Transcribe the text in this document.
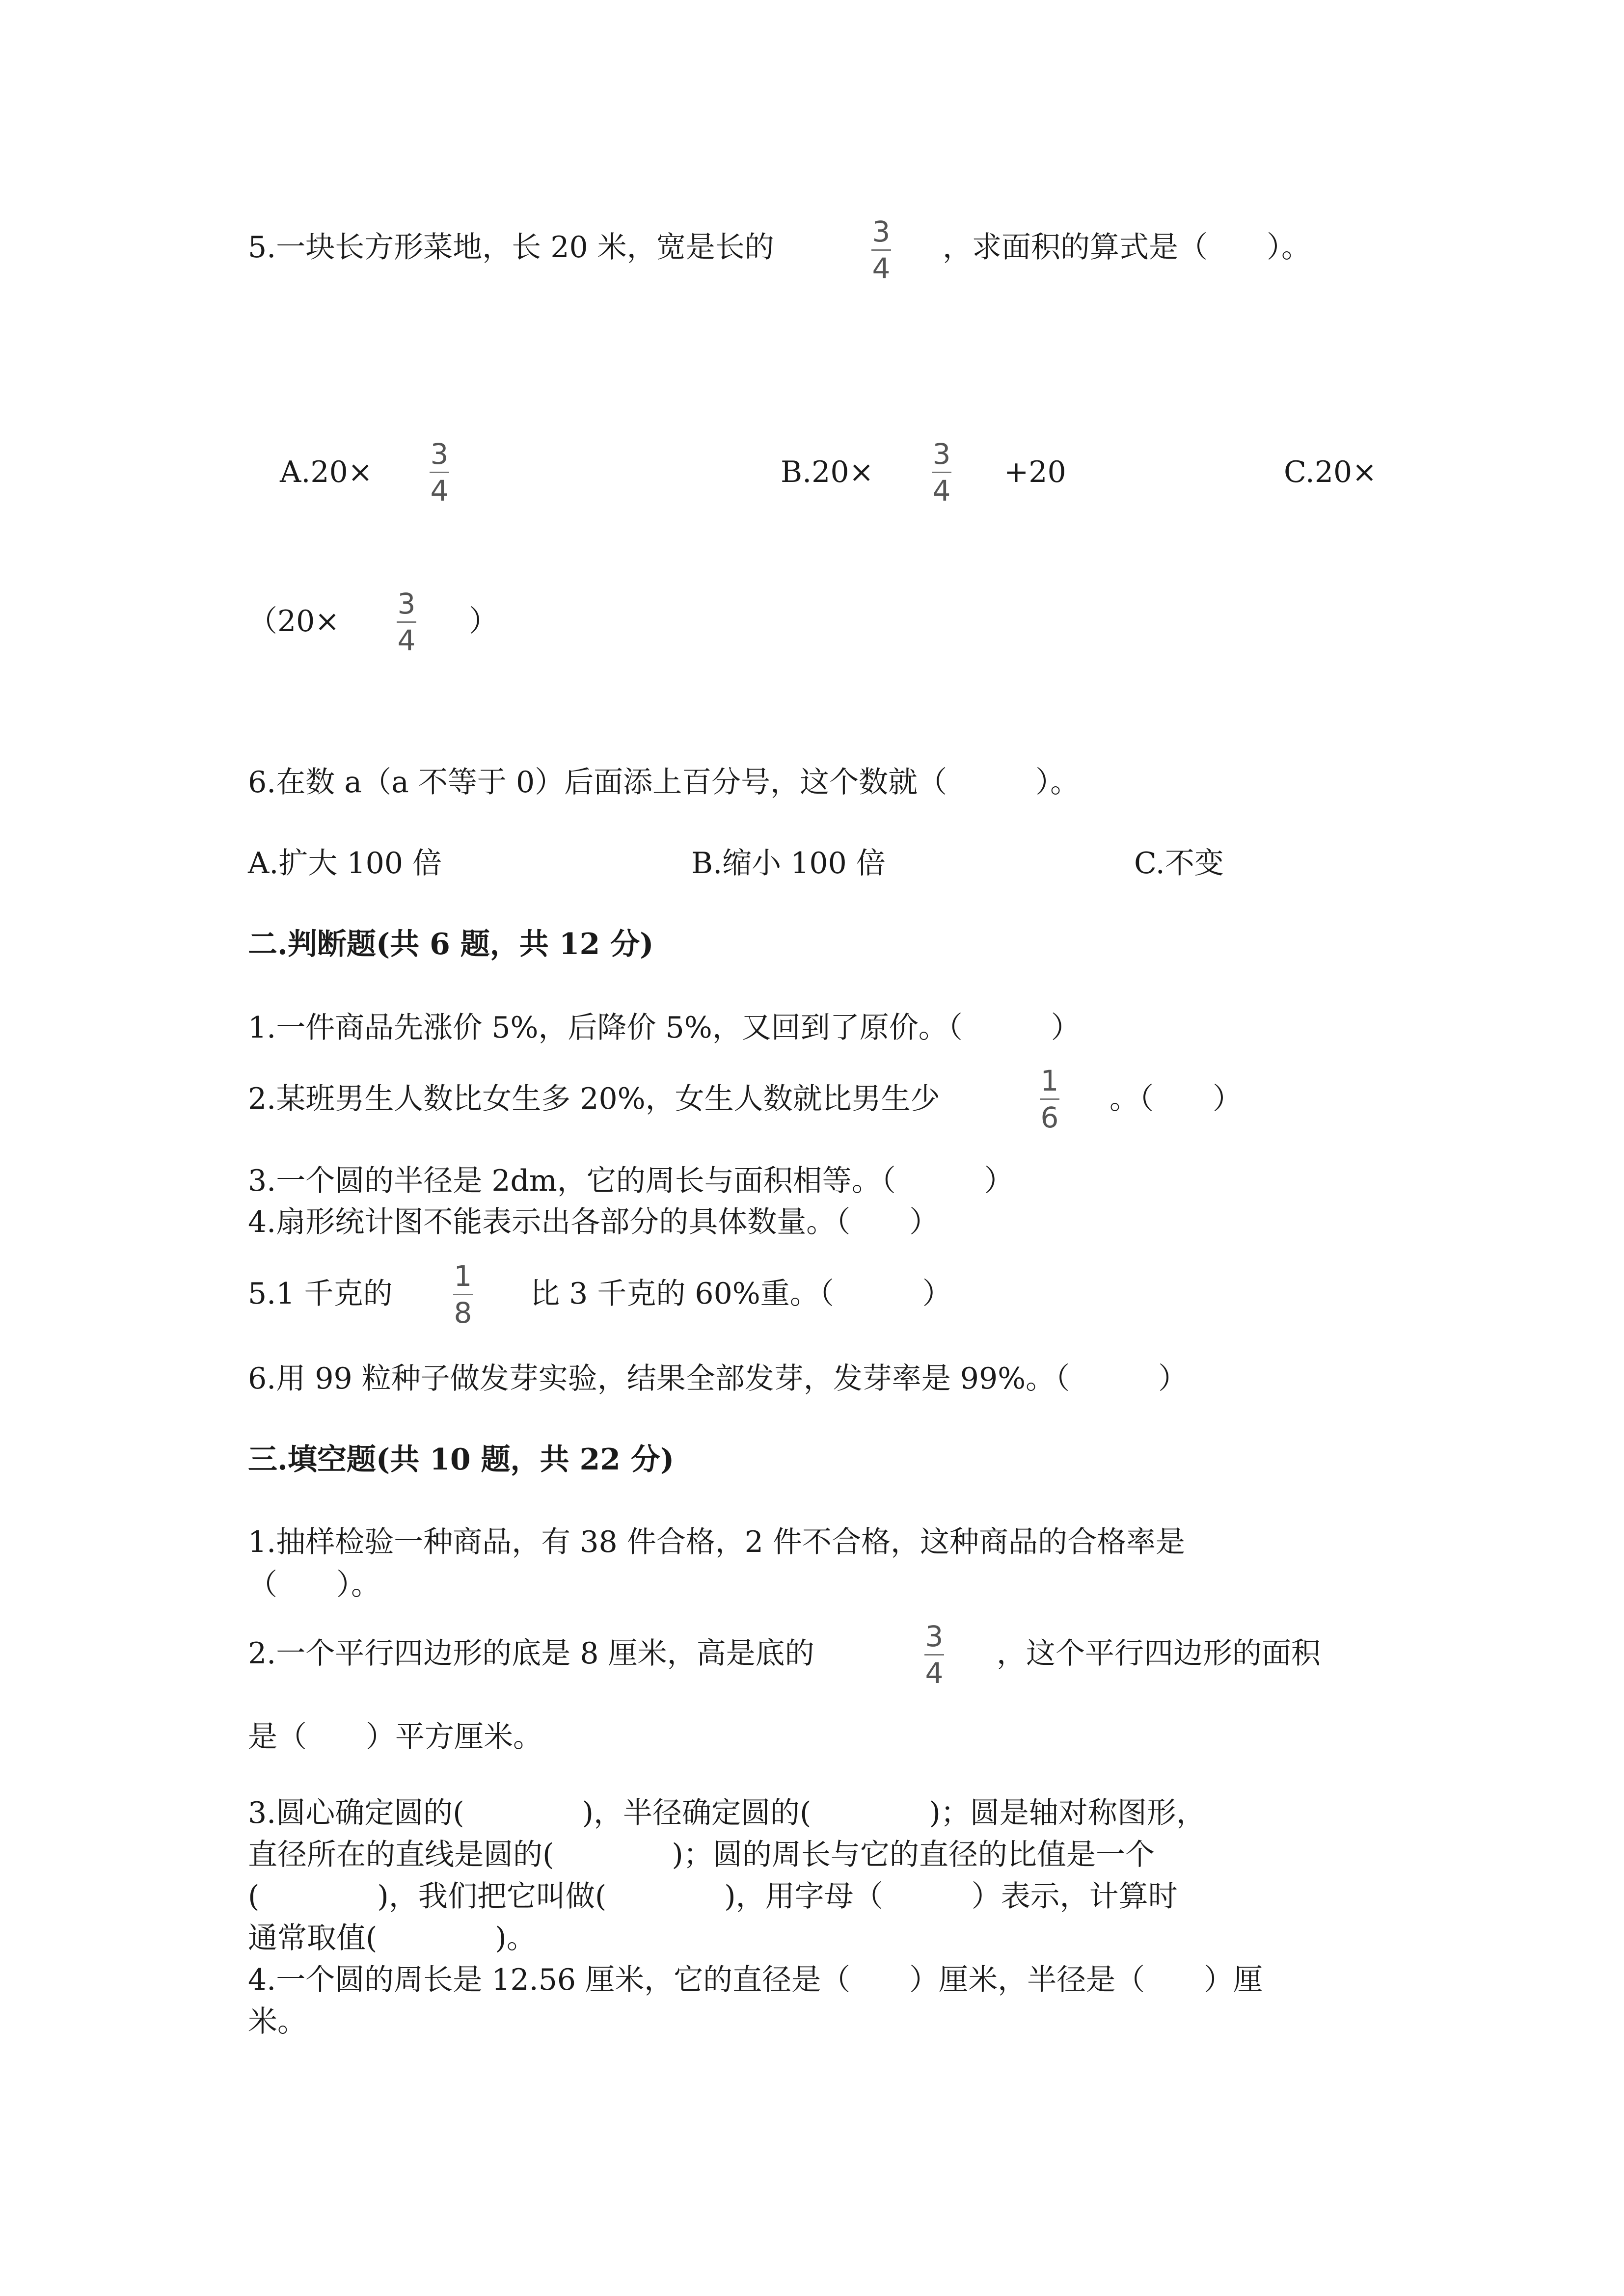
5.一块长方形菜地，长 20 米，宽是长的	3
4
，求面积的算式是（　　）。
A.20×
3
4
B.20×
3
4
+20	C.20×
（20×
3
4
）
6.在数 a（a 不等于 0）后面添上百分号，这个数就（　　　）。
A.扩大 100 倍	B.缩小 100 倍	C.不变
二.判断题(共 6 题，共 12 分)
1.一件商品先涨价 5%，后降价 5%，又回到了原价。（　　　）
2.某班男生人数比女生多 20%，女生人数就比男生少
1
6
。（　　）
3.一个圆的半径是 2dm，它的周长与面积相等。（　　　）
4.扇形统计图不能表示出各部分的具体数量。（　　）
5.1 千克的
1
8
比 3 千克的 60%重。（　　　）
6.用 99 粒种子做发芽实验，结果全部发芽，发芽率是 99%。（　　　）
三.填空题(共 10 题，共 22 分)
1.抽样检验一种商品，有 38 件合格，2 件不合格，这种商品的合格率是
（　　）。
2.一个平行四边形的底是 8 厘米，高是底的	3
4
，这个平行四边形的面积
是（　　）平方厘米。
3.圆心确定圆的(　　　　)，半径确定圆的(　　　　)；圆是轴对称图形，
直径所在的直线是圆的(　　　　)；圆的周长与它的直径的比值是一个
(　　　　)，我们把它叫做(　　　　)，用字母（　　　）表示，计算时
通常取值(　　　　)。
4.一个圆的周长是 12.56 厘米，它的直径是（　　）厘米，半径是（　　）厘
米。
